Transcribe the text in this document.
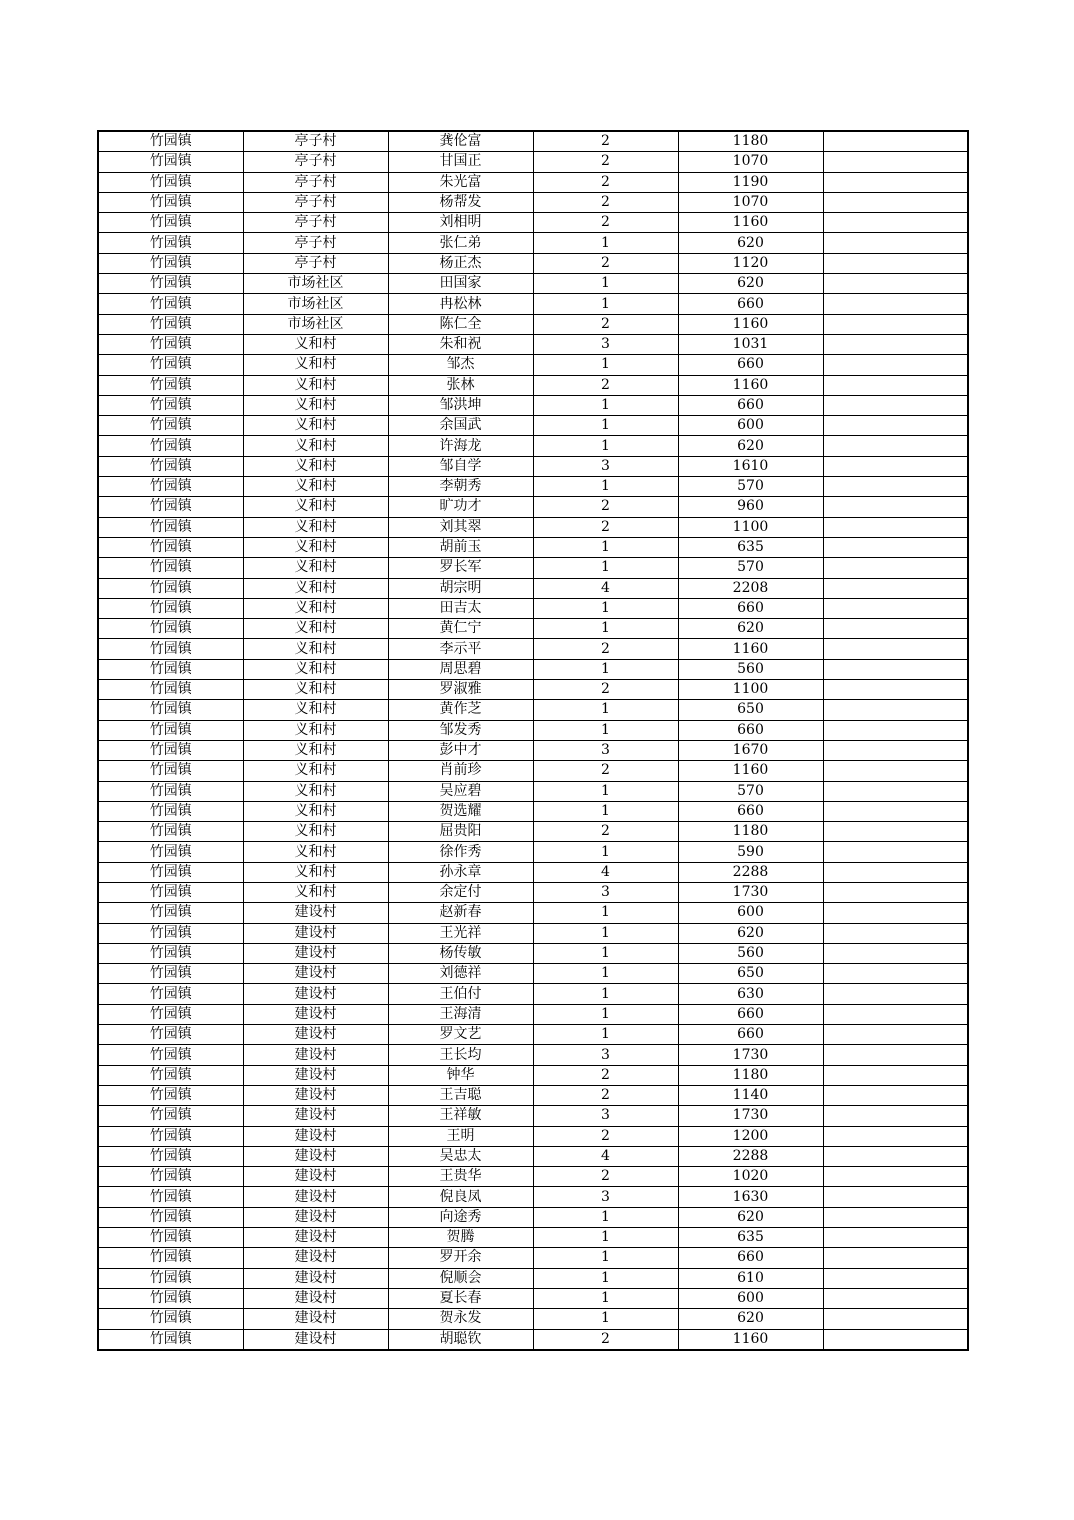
竹园镇	亭子村	龚伦富	2	1180	
竹园镇	亭子村	甘国正	2	1070	
竹园镇	亭子村	朱光富	2	1190	
竹园镇	亭子村	杨帮发	2	1070	
竹园镇	亭子村	刘相明	2	1160	
竹园镇	亭子村	张仁弟	1	620	
竹园镇	亭子村	杨正杰	2	1120	
竹园镇	市场社区	田国家	1	620	
竹园镇	市场社区	冉松林	1	660	
竹园镇	市场社区	陈仁全	2	1160	
竹园镇	义和村	朱和祝	3	1031	
竹园镇	义和村	邹杰	1	660	
竹园镇	义和村	张林	2	1160	
竹园镇	义和村	邹洪坤	1	660	
竹园镇	义和村	余国武	1	600	
竹园镇	义和村	许海龙	1	620	
竹园镇	义和村	邹自学	3	1610	
竹园镇	义和村	李朝秀	1	570	
竹园镇	义和村	旷功才	2	960	
竹园镇	义和村	刘其翠	2	1100	
竹园镇	义和村	胡前玉	1	635	
竹园镇	义和村	罗长军	1	570	
竹园镇	义和村	胡宗明	4	2208	
竹园镇	义和村	田吉太	1	660	
竹园镇	义和村	黄仁宁	1	620	
竹园镇	义和村	李示平	2	1160	
竹园镇	义和村	周思碧	1	560	
竹园镇	义和村	罗淑雅	2	1100	
竹园镇	义和村	黄作芝	1	650	
竹园镇	义和村	邹发秀	1	660	
竹园镇	义和村	彭中才	3	1670	
竹园镇	义和村	肖前珍	2	1160	
竹园镇	义和村	吴应碧	1	570	
竹园镇	义和村	贺选耀	1	660	
竹园镇	义和村	屈贵阳	2	1180	
竹园镇	义和村	徐作秀	1	590	
竹园镇	义和村	孙永章	4	2288	
竹园镇	义和村	余定付	3	1730	
竹园镇	建设村	赵新春	1	600	
竹园镇	建设村	王光祥	1	620	
竹园镇	建设村	杨传敏	1	560	
竹园镇	建设村	刘德祥	1	650	
竹园镇	建设村	王伯付	1	630	
竹园镇	建设村	王海清	1	660	
竹园镇	建设村	罗文艺	1	660	
竹园镇	建设村	王长均	3	1730	
竹园镇	建设村	钟华	2	1180	
竹园镇	建设村	王吉聪	2	1140	
竹园镇	建设村	王祥敏	3	1730	
竹园镇	建设村	王明	2	1200	
竹园镇	建设村	吴忠太	4	2288	
竹园镇	建设村	王贵华	2	1020	
竹园镇	建设村	倪良凤	3	1630	
竹园镇	建设村	向途秀	1	620	
竹园镇	建设村	贺腾	1	635	
竹园镇	建设村	罗开余	1	660	
竹园镇	建设村	倪顺会	1	610	
竹园镇	建设村	夏长春	1	600	
竹园镇	建设村	贺永发	1	620	
竹园镇	建设村	胡聪钦	2	1160	
